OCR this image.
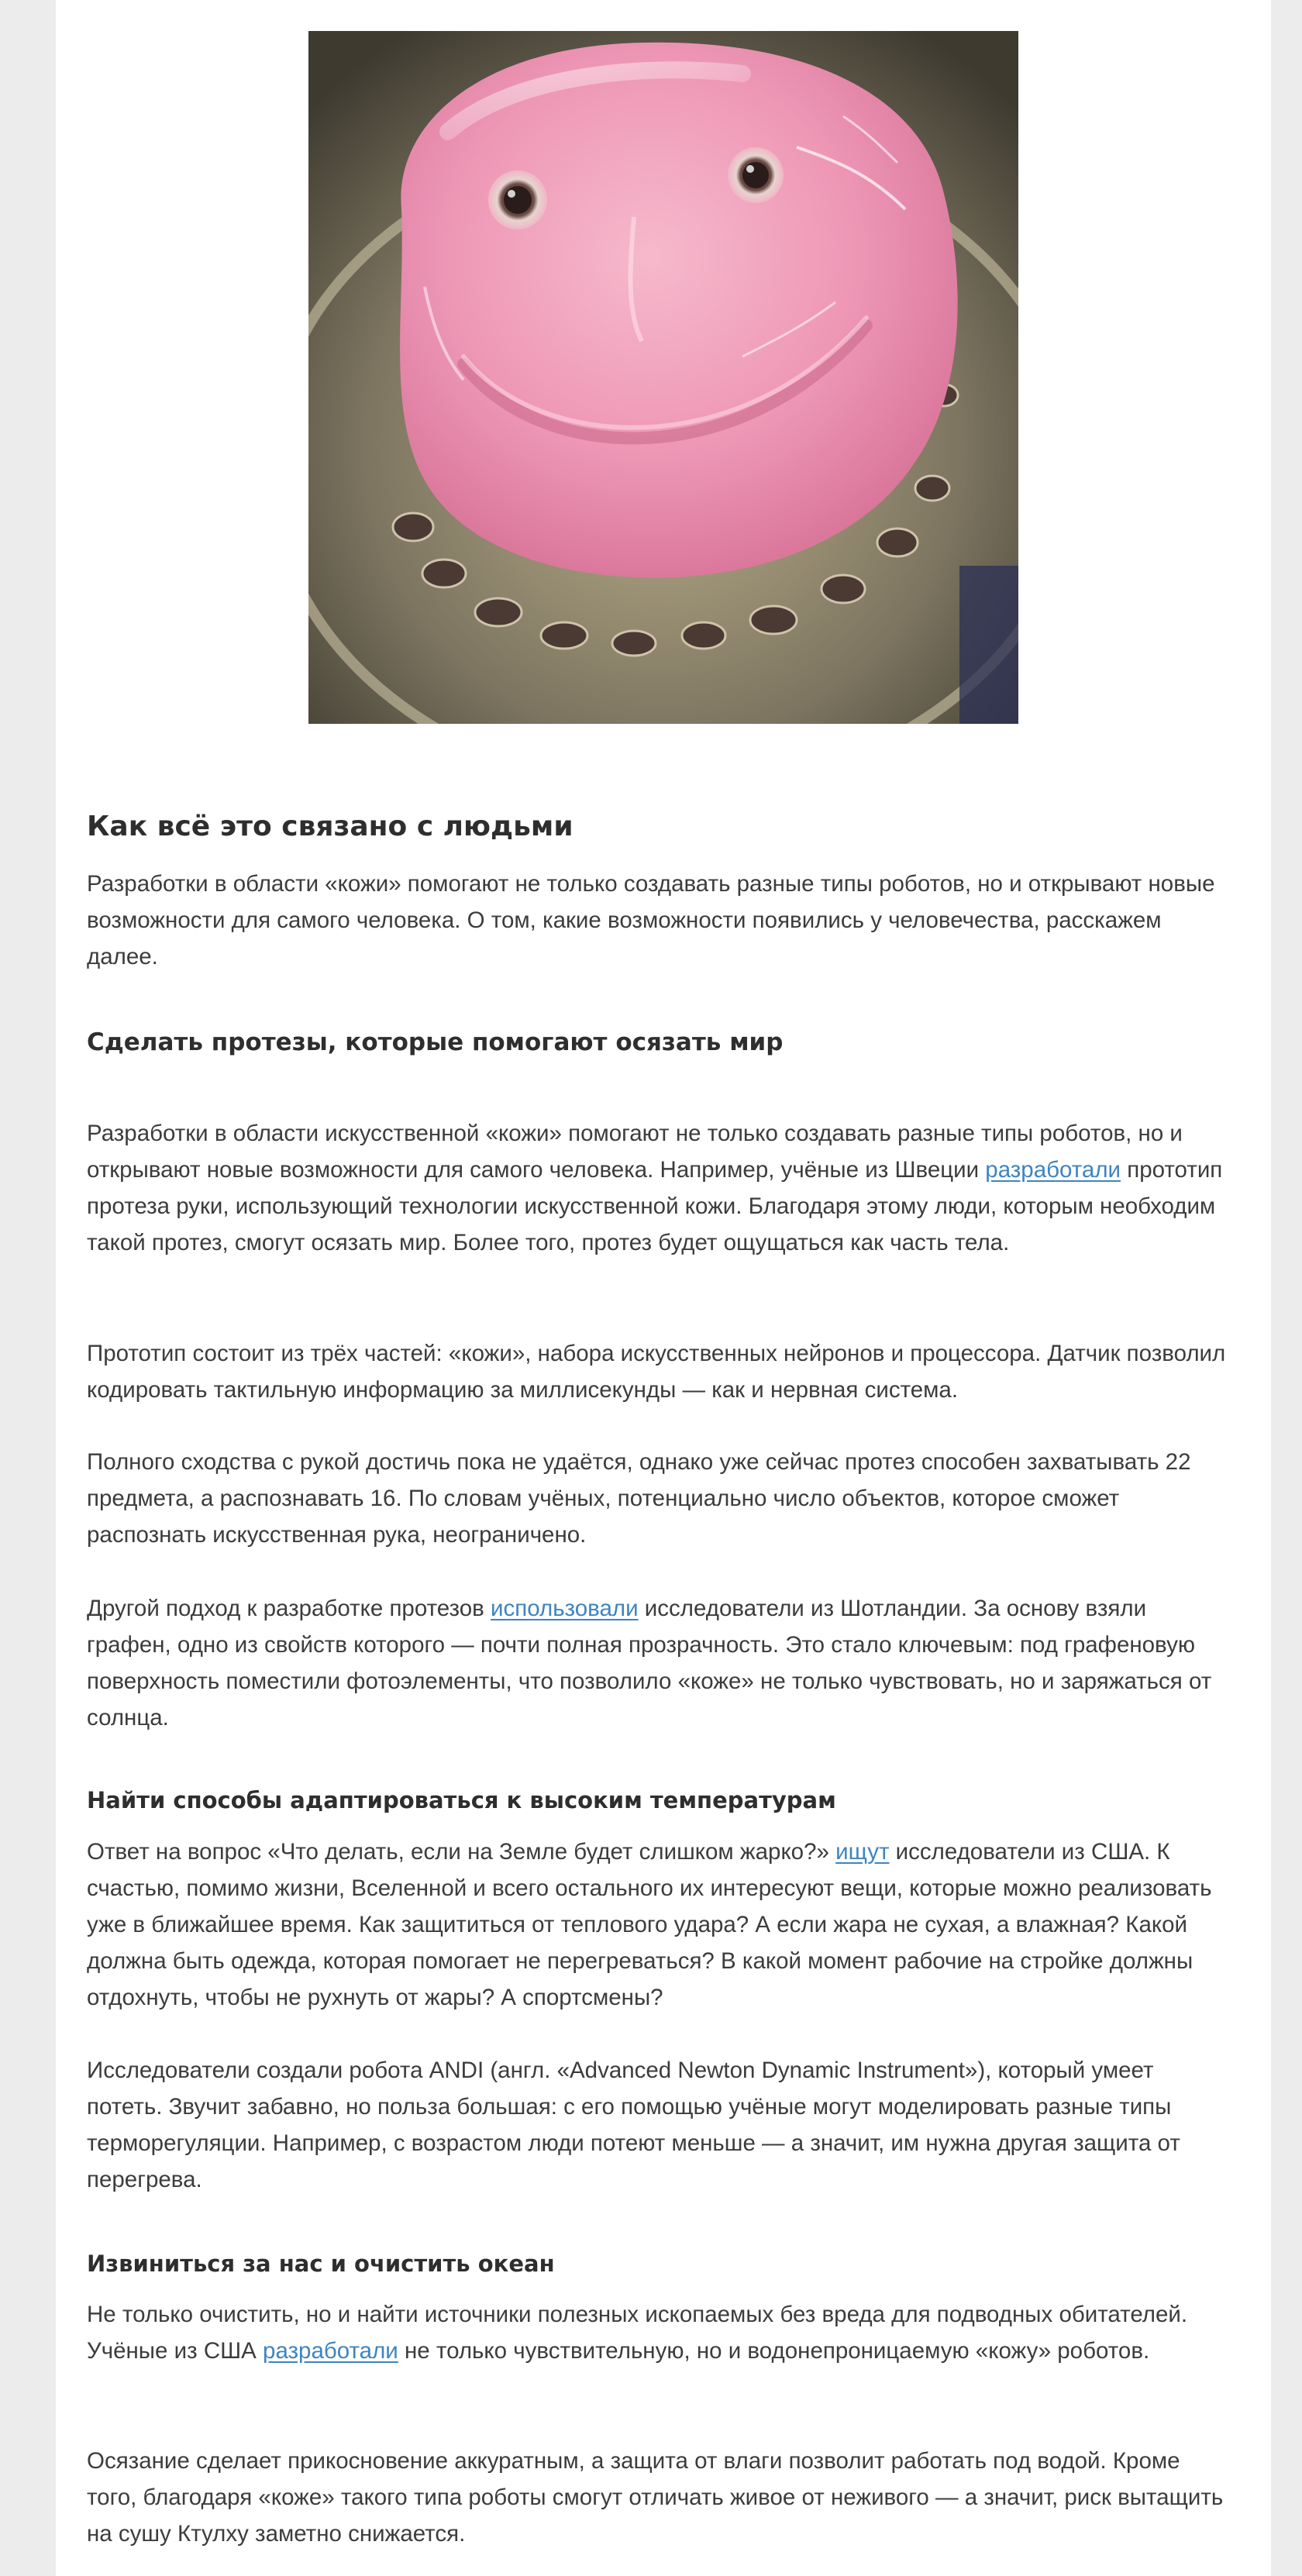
Как всё это связано с людьми

Разработки в области «кожи» помогают не только создавать разные типы роботов, но и открывают новые возможности для самого человека. О том, какие возможности появились у человечества, расскажем далее.

Сделать протезы, которые помогают осязать мир

Разработки в области искусственной «кожи» помогают не только создавать разные типы роботов, но и открывают новые возможности для самого человека. Например, учёные из Швеции разработали прототип протеза руки, использующий технологии искусственной кожи. Благодаря этому люди, которым необходим такой протез, смогут осязать мир. Более того, протез будет ощущаться как часть тела.

Прототип состоит из трёх частей: «кожи», набора искусственных нейронов и процессора. Датчик позволил кодировать тактильную информацию за миллисекунды — как и нервная система.

Полного сходства с рукой достичь пока не удаётся, однако уже сейчас протез способен захватывать 22 предмета, а распознавать 16. По словам учёных, потенциально число объектов, которое сможет распознать искусственная рука, неограничено.

Другой подход к разработке протезов использовали исследователи из Шотландии. За основу взяли графен, одно из свойств которого — почти полная прозрачность. Это стало ключевым: под графеновую поверхность поместили фотоэлементы, что позволило «коже» не только чувствовать, но и заряжаться от солнца.

Найти способы адаптироваться к высоким температурам

Ответ на вопрос «Что делать, если на Земле будет слишком жарко?» ищут исследователи из США. К счастью, помимо жизни, Вселенной и всего остального их интересуют вещи, которые можно реализовать уже в ближайшее время. Как защититься от теплового удара? А если жара не сухая, а влажная? Какой должна быть одежда, которая помогает не перегреваться? В какой момент рабочие на стройке должны отдохнуть, чтобы не рухнуть от жары? А спортсмены?

Исследователи создали робота ANDI (англ. «Advanced Newton Dynamic Instrument»), который умеет потеть. Звучит забавно, но польза большая: с его помощью учёные могут моделировать разные типы терморегуляции. Например, с возрастом люди потеют меньше — а значит, им нужна другая защита от перегрева.

Извиниться за нас и очистить океан

Не только очистить, но и найти источники полезных ископаемых без вреда для подводных обитателей. Учёные из США разработали не только чувствительную, но и водонепроницаемую «кожу» роботов.

Осязание сделает прикосновение аккуратным, а защита от влаги позволит работать под водой. Кроме того, благодаря «коже» такого типа роботы смогут отличать живое от неживого — а значит, риск вытащить на сушу Ктулху заметно снижается.
